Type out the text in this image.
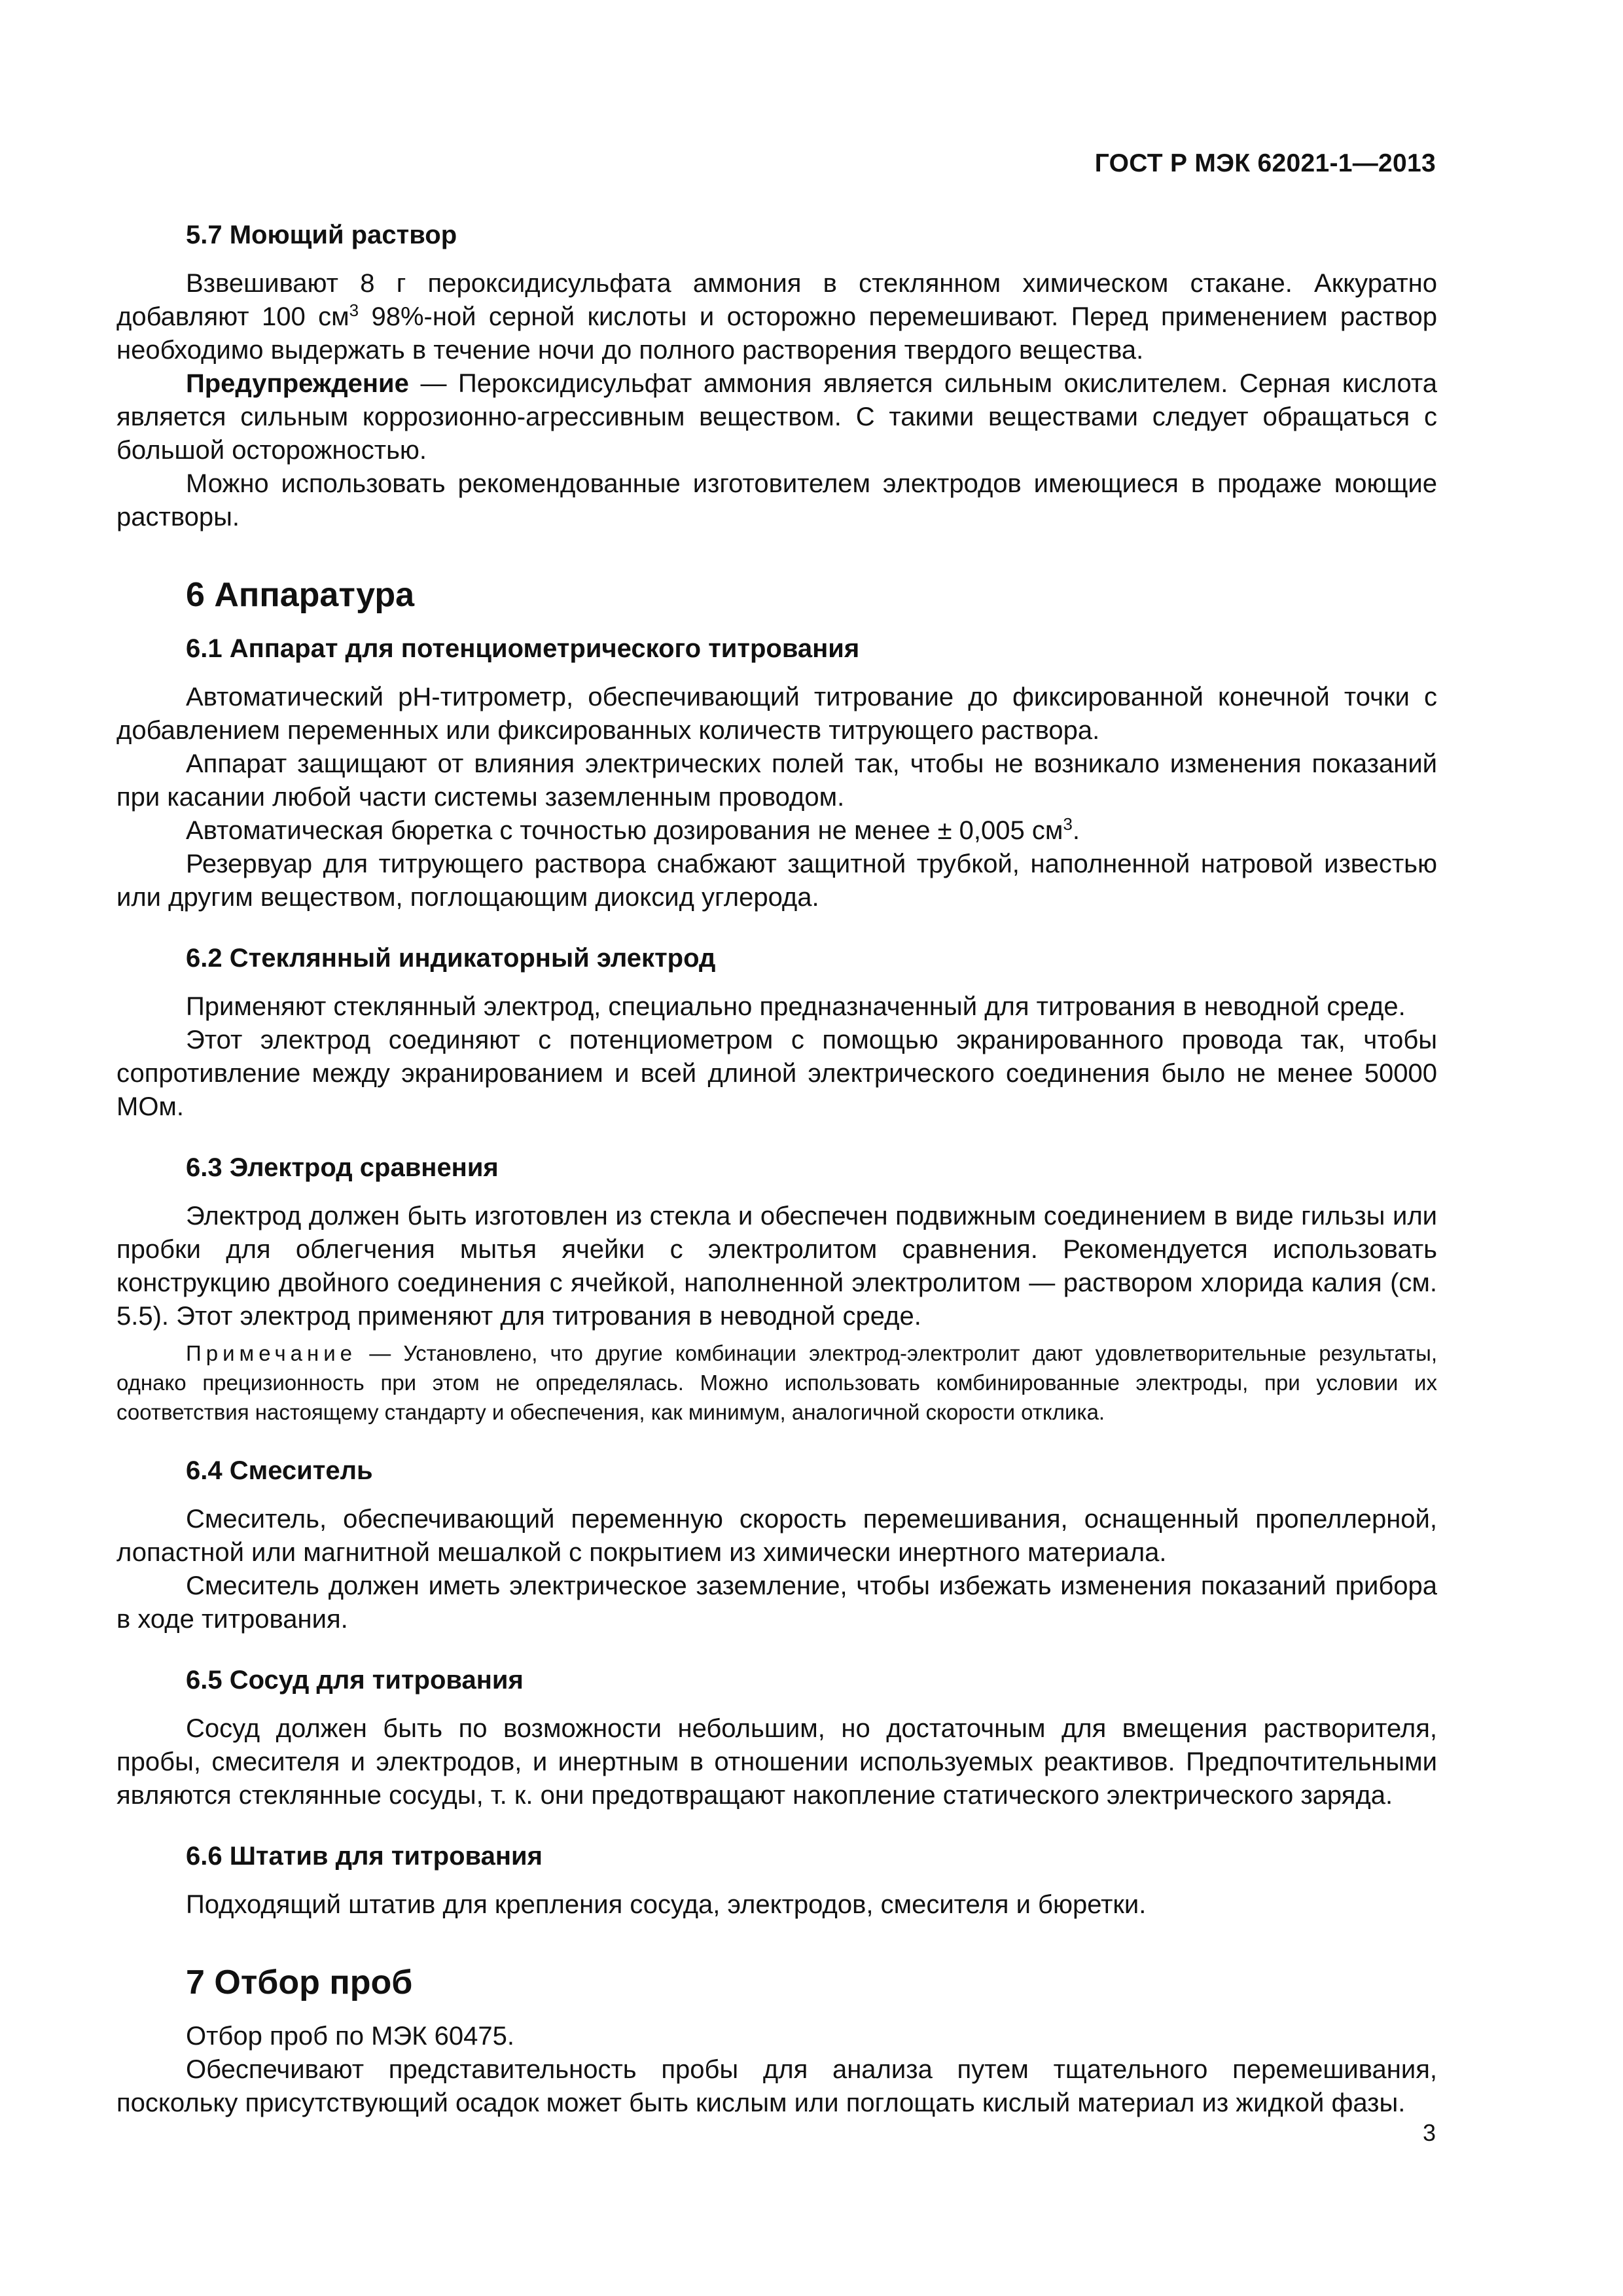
ГОСТ Р МЭК 62021-1—2013
5.7 Моющий раствор

Взвешивают 8 г пероксидисульфата аммония в стеклянном химическом стакане. Аккуратно добавляют 100 $см^3$ 98%-ной серной кислоты и осторожно перемешивают. Перед применением раствор необходимо выдержать в течение ночи до полного растворения твердого вещества.

Предупреждение — Пероксидисульфат аммония является сильным окислителем. Серная кислота является сильным коррозионно-агрессивным веществом. С такими веществами следует обращаться с большой осторожностью.

Можно использовать рекомендованные изготовителем электродов имеющиеся в продаже моющие растворы.

6 Аппаратура
6.1 Аппарат для потенциометрического титрования

Автоматический pH-титрометр, обеспечивающий титрование до фиксированной конечной точки с добавлением переменных или фиксированных количеств титрующего раствора.

Аппарат защищают от влияния электрических полей так, чтобы не возникало изменения показаний при касании любой части системы заземленным проводом.

Автоматическая бюретка с точностью дозирования не менее ± 0,005 $см^3$.

Резервуар для титрующего раствора снабжают защитной трубкой, наполненной натровой известью или другим веществом, поглощающим диоксид углерода.

6.2 Стеклянный индикаторный электрод

Применяют стеклянный электрод, специально предназначенный для титрования в неводной среде.

Этот электрод соединяют с потенциометром с помощью экранированного провода так, чтобы сопротивление между экранированием и всей длиной электрического соединения было не менее 50000 МОм.

6.3 Электрод сравнения

Электрод должен быть изготовлен из стекла и обеспечен подвижным соединением в виде гильзы или пробки для облегчения мытья ячейки с электролитом сравнения. Рекомендуется использовать конструкцию двойного соединения с ячейкой, наполненной электролитом — раствором хлорида калия (см. 5.5). Этот электрод применяют для титрования в неводной среде.

Примечание — Установлено, что другие комбинации электрод-электролит дают удовлетворительные результаты, однако прецизионность при этом не определялась. Можно использовать комбинированные электроды, при условии их соответствия настоящему стандарту и обеспечения, как минимум, аналогичной скорости отклика.

6.4 Смеситель

Смеситель, обеспечивающий переменную скорость перемешивания, оснащенный пропеллерной, лопастной или магнитной мешалкой с покрытием из химически инертного материала.

Смеситель должен иметь электрическое заземление, чтобы избежать изменения показаний прибора в ходе титрования.

6.5 Сосуд для титрования

Сосуд должен быть по возможности небольшим, но достаточным для вмещения растворителя, пробы, смесителя и электродов, и инертным в отношении используемых реактивов. Предпочтительными являются стеклянные сосуды, т. к. они предотвращают накопление статического электрического заряда.

6.6 Штатив для титрования

Подходящий штатив для крепления сосуда, электродов, смесителя и бюретки.

7 Отбор проб

Отбор проб по МЭК 60475.

Обеспечивают представительность пробы для анализа путем тщательного перемешивания, поскольку присутствующий осадок может быть кислым или поглощать кислый материал из жидкой фазы.

3
